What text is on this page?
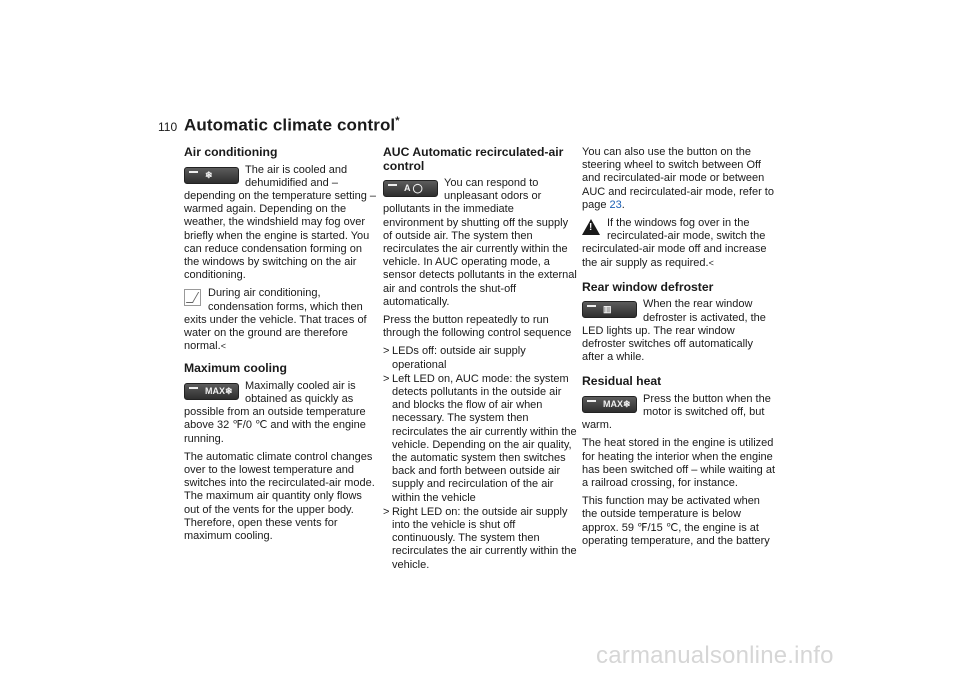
110 Automatic climate control*
Air conditioning
❄	The air is cooled and dehumidified and – depending on the temperature setting – warmed again. Depending on the weather, the windshield may fog over briefly when the engine is started. You can reduce condensation forming on the windows by switching on the air conditioning.

During air conditioning, condensation forms, which then exits under the vehicle. That traces of water on the ground are therefore normal.<

Maximum cooling
MAX❄	Maximally cooled air is obtained as quickly as possible from an outside temperature above 32 ℉/0 ℃ and with the engine running.

The automatic climate control changes over to the lowest temperature and switches into the recirculated-air mode. The maximum air quantity only flows out of the vents for the upper body. Therefore, open these vents for maximum cooling.

AUC Automatic recirculated-air control
A ◯	You can respond to unpleasant odors or pollutants in the immediate environment by shutting off the supply of outside air. The system then recirculates the air currently within the vehicle. In AUC operating mode, a sensor detects pollutants in the external air and controls the shut-off automatically.

Press the button repeatedly to run through the following control sequence

> LEDs off: outside air supply operational
> Left LED on, AUC mode: the system detects pollutants in the outside air and blocks the flow of air when necessary. The system then recirculates the air currently within the vehicle. Depending on the air quality, the automatic system then switches back and forth between outside air supply and recirculation of the air within the vehicle
> Right LED on: the outside air supply into the vehicle is shut off continuously. The system then recirculates the air currently within the vehicle.

You can also use the button on the steering wheel to switch between Off and recirculated-air mode or between AUC and recirculated-air mode, refer to page 23.

!	If the windows fog over in the recirculated-air mode, switch the recirculated-air mode off and increase the air supply as required.<

Rear window defroster
▥	When the rear window defroster is activated, the LED lights up. The rear window defroster switches off automatically after a while.

Residual heat
MAX❄	Press the button when the motor is switched off, but warm.

The heat stored in the engine is utilized for heating the interior when the engine has been switched off – while waiting at a railroad crossing, for instance.

This function may be activated when the outside temperature is below approx. 59 ℉/15 ℃, the engine is at operating temperature, and the battery

carmanualsonline.info
